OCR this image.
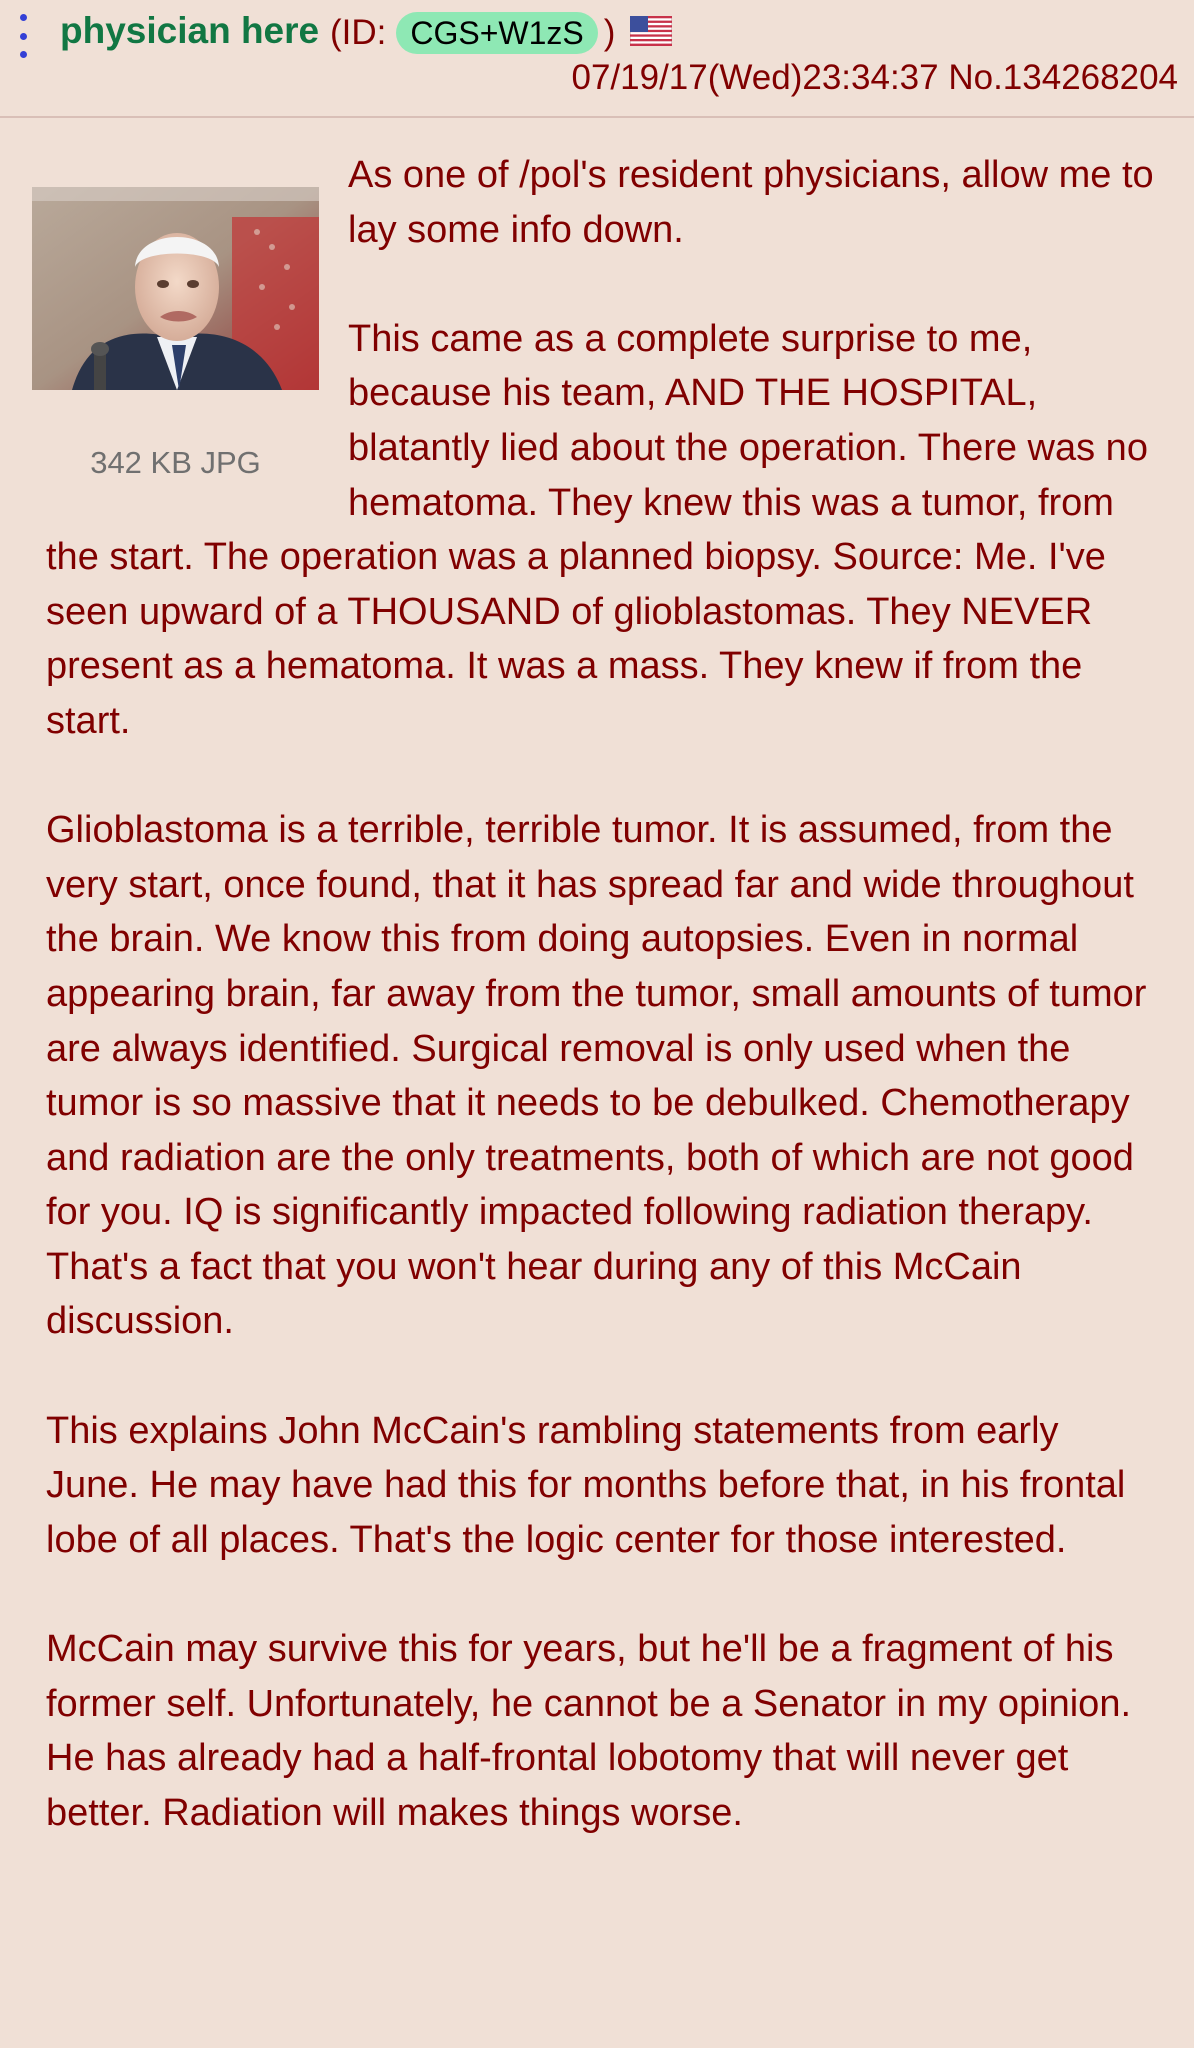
physician here (ID: CGS+W1zS )
07/19/17(Wed)23:34:37 No.134268204
342 KB JPG

As one of /pol's resident physicians, allow me to lay some info down.

This came as a complete surprise to me, because his team, AND THE HOSPITAL, blatantly lied about the operation. There was no hematoma. They knew this was a tumor, from the start. The operation was a planned biopsy. Source: Me. I've seen upward of a THOUSAND of glioblastomas. They NEVER present as a hematoma. It was a mass. They knew if from the start.

Glioblastoma is a terrible, terrible tumor. It is assumed, from the very start, once found, that it has spread far and wide throughout the brain. We know this from doing autopsies. Even in normal appearing brain, far away from the tumor, small amounts of tumor are always identified. Surgical removal is only used when the tumor is so massive that it needs to be debulked. Chemotherapy and radiation are the only treatments, both of which are not good for you. IQ is significantly impacted following radiation therapy. That's a fact that you won't hear during any of this McCain discussion.

This explains John McCain's rambling statements from early June. He may have had this for months before that, in his frontal lobe of all places. That's the logic center for those interested.

McCain may survive this for years, but he'll be a fragment of his former self. Unfortunately, he cannot be a Senator in my opinion. He has already had a half-frontal lobotomy that will never get better. Radiation will makes things worse.
